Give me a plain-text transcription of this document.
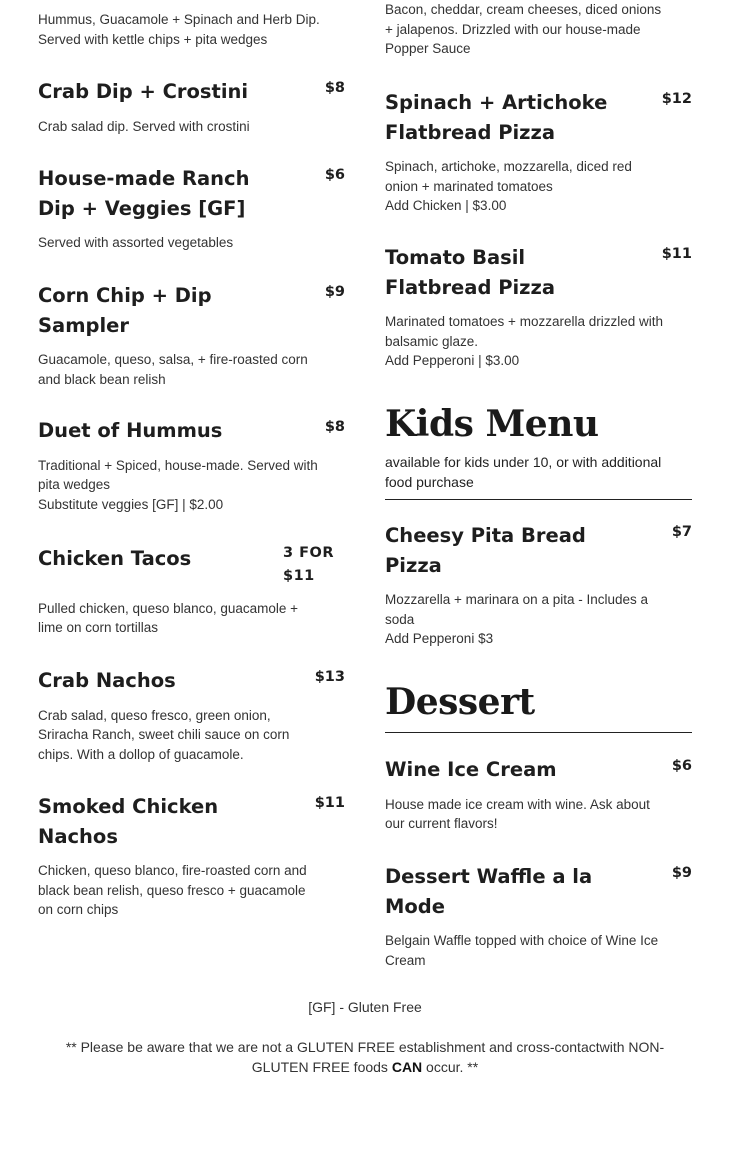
Hummus, Guacamole + Spinach and Herb Dip.
Served with kettle chips + pita wedges

Crab Dip + Crostini	$8

Crab salad dip. Served with crostini

House-made Ranch
Dip + Veggies [GF]
$6

Served with assorted vegetables

Corn Chip + Dip
Sampler
$9

Guacamole, queso, salsa, + fire-roasted corn
and black bean relish

Duet of Hummus	$8

Traditional + Spiced, house-made. Served with
pita wedges
Substitute veggies [GF] | $2.00

Chicken Tacos	3 FOR $11

Pulled chicken, queso blanco, guacamole +
lime on corn tortillas

Crab Nachos	$13

Crab salad, queso fresco, green onion,
Sriracha Ranch, sweet chili sauce on corn
chips. With a dollop of guacamole.

Smoked Chicken
Nachos
$11

Chicken, queso blanco, fire-roasted corn and
black bean relish, queso fresco + guacamole
on corn chips

Bacon, cheddar, cream cheeses, diced onions
+ jalapenos. Drizzled with our house-made
Popper Sauce

Spinach + Artichoke
Flatbread Pizza
$12

Spinach, artichoke, mozzarella, diced red
onion + marinated tomatoes
Add Chicken | $3.00

Tomato Basil
Flatbread Pizza
$11

Marinated tomatoes + mozzarella drizzled with
balsamic glaze.
Add Pepperoni | $3.00

Kids Menu

available for kids under 10, or with additional
food purchase

Cheesy Pita Bread
Pizza
$7

Mozzarella + marinara on a pita - Includes a
soda
Add Pepperoni $3

Dessert
Wine Ice Cream	$6

House made ice cream with wine. Ask about
our current flavors!

Dessert Waffle a la
Mode
$9

Belgain Waffle topped with choice of Wine Ice
Cream

[GF] - Gluten Free
** Please be aware that we are not a GLUTEN FREE establishment and cross-contactwith NON-
GLUTEN FREE foods CAN occur. **
